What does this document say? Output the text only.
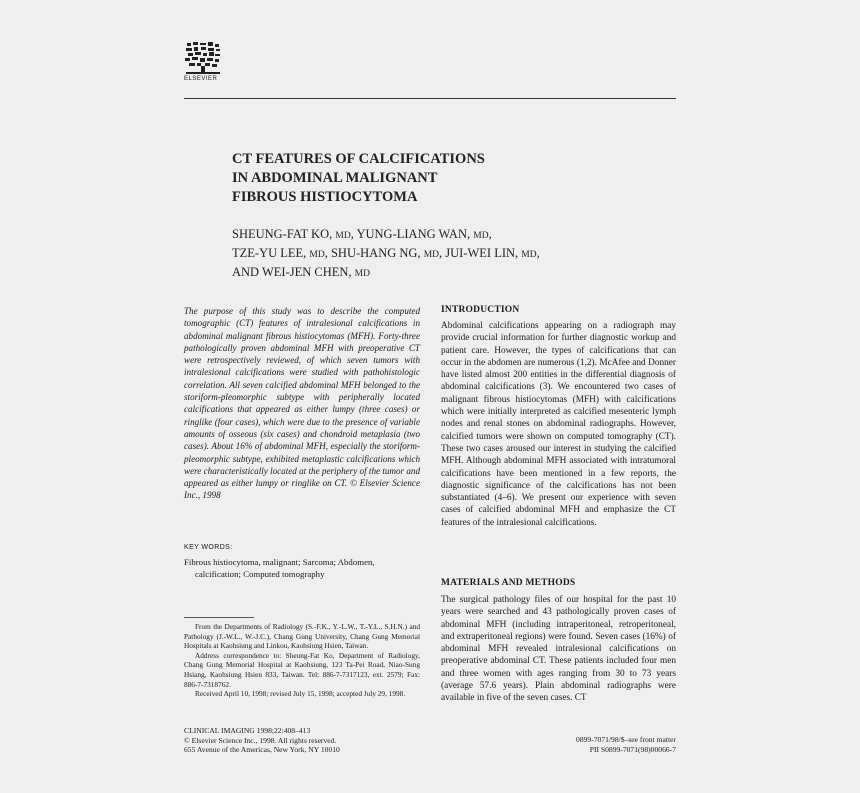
ELSEVIER
CT FEATURES OF CALCIFICATIONS
IN ABDOMINAL MALIGNANT
FIBROUS HISTIOCYTOMA
SHEUNG-FAT KO, MD, YUNG-LIANG WAN, MD,
TZE-YU LEE, MD, SHU-HANG NG, MD, JUI-WEI LIN, MD,
AND WEI-JEN CHEN, MD
The purpose of this study was to describe the computed tomographic (CT) features of intralesional calcifications in abdominal malignant fibrous histiocytomas (MFH). Forty-three pathologically proven abdominal MFH with preoperative CT were retrospectively reviewed, of which seven tumors with intralesional calcifications were studied with pathohistologic correlation. All seven calcified abdominal MFH belonged to the storiform-pleomorphic subtype with peripherally located calcifications that appeared as either lumpy (three cases) or ringlike (four cases), which were due to the presence of variable amounts of osseous (six cases) and chondroid metaplasia (two cases). About 16% of abdominal MFH, especially the storiform-pleomorphic subtype, exhibited metaplastic calcifications which were characteristically located at the periphery of the tumor and appeared as either lumpy or ringlike on CT. © Elsevier Science Inc., 1998
KEY WORDS:
Fibrous histiocytoma, malignant; Sarcoma; Abdomen,
calcification; Computed tomography

From the Departments of Radiology (S.-F.K., Y.-L.W., T.-Y.L., S.H.N.) and Pathology (J.-W.L., W.-J.C.), Chang Gung University, Chang Gung Memorial Hospitals at Kaohsiung and Linkou, Kaohsiung Hsien, Taiwan.

Address correspondence to: Sheung-Fat Ko, Department of Radiology, Chang Gung Memorial Hospital at Kaohsiung, 123 Ta-Pei Road, Niao-Sung Hsiang, Kaohsiung Hsien 833, Taiwan. Tel: 886-7-7317123, ext. 2579; Fax: 886-7-7318762.

Received April 10, 1998; revised July 15, 1998; accepted July 29, 1998.

CLINICAL IMAGING 1998;22:408–413
© Elsevier Science Inc., 1998. All rights reserved.
655 Avenue of the Americas, New York, NY 10010
0899-7071/98/$–see front matter
PII S0899-7071(98)00066-7
INTRODUCTION
Abdominal calcifications appearing on a radiograph may provide crucial information for further diagnostic workup and patient care. However, the types of calcifications that can occur in the abdomen are numerous (1,2). McAfee and Donner have listed almost 200 entities in the differential diagnosis of abdominal calcifications (3). We encountered two cases of malignant fibrous histiocytomas (MFH) with calcifications which were initially interpreted as calcified mesenteric lymph nodes and renal stones on abdominal radiographs. However, calcified tumors were shown on computed tomography (CT). These two cases aroused our interest in studying the calcified MFH. Although abdominal MFH associated with intratumoral calcifications have been mentioned in a few reports, the diagnostic significance of the calcifications has not been substantiated (4–6). We present our experience with seven cases of calcified abdominal MFH and emphasize the CT features of the intralesional calcifications.
MATERIALS AND METHODS
The surgical pathology files of our hospital for the past 10 years were searched and 43 pathologically proven cases of abdominal MFH (including intraperitoneal, retroperitoneal, and extraperitoneal regions) were found. Seven cases (16%) of abdominal MFH revealed intralesional calcifications on preoperative abdominal CT. These patients included four men and three women with ages ranging from 30 to 73 years (average 57.6 years). Plain abdominal radiographs were available in five of the seven cases. CT
